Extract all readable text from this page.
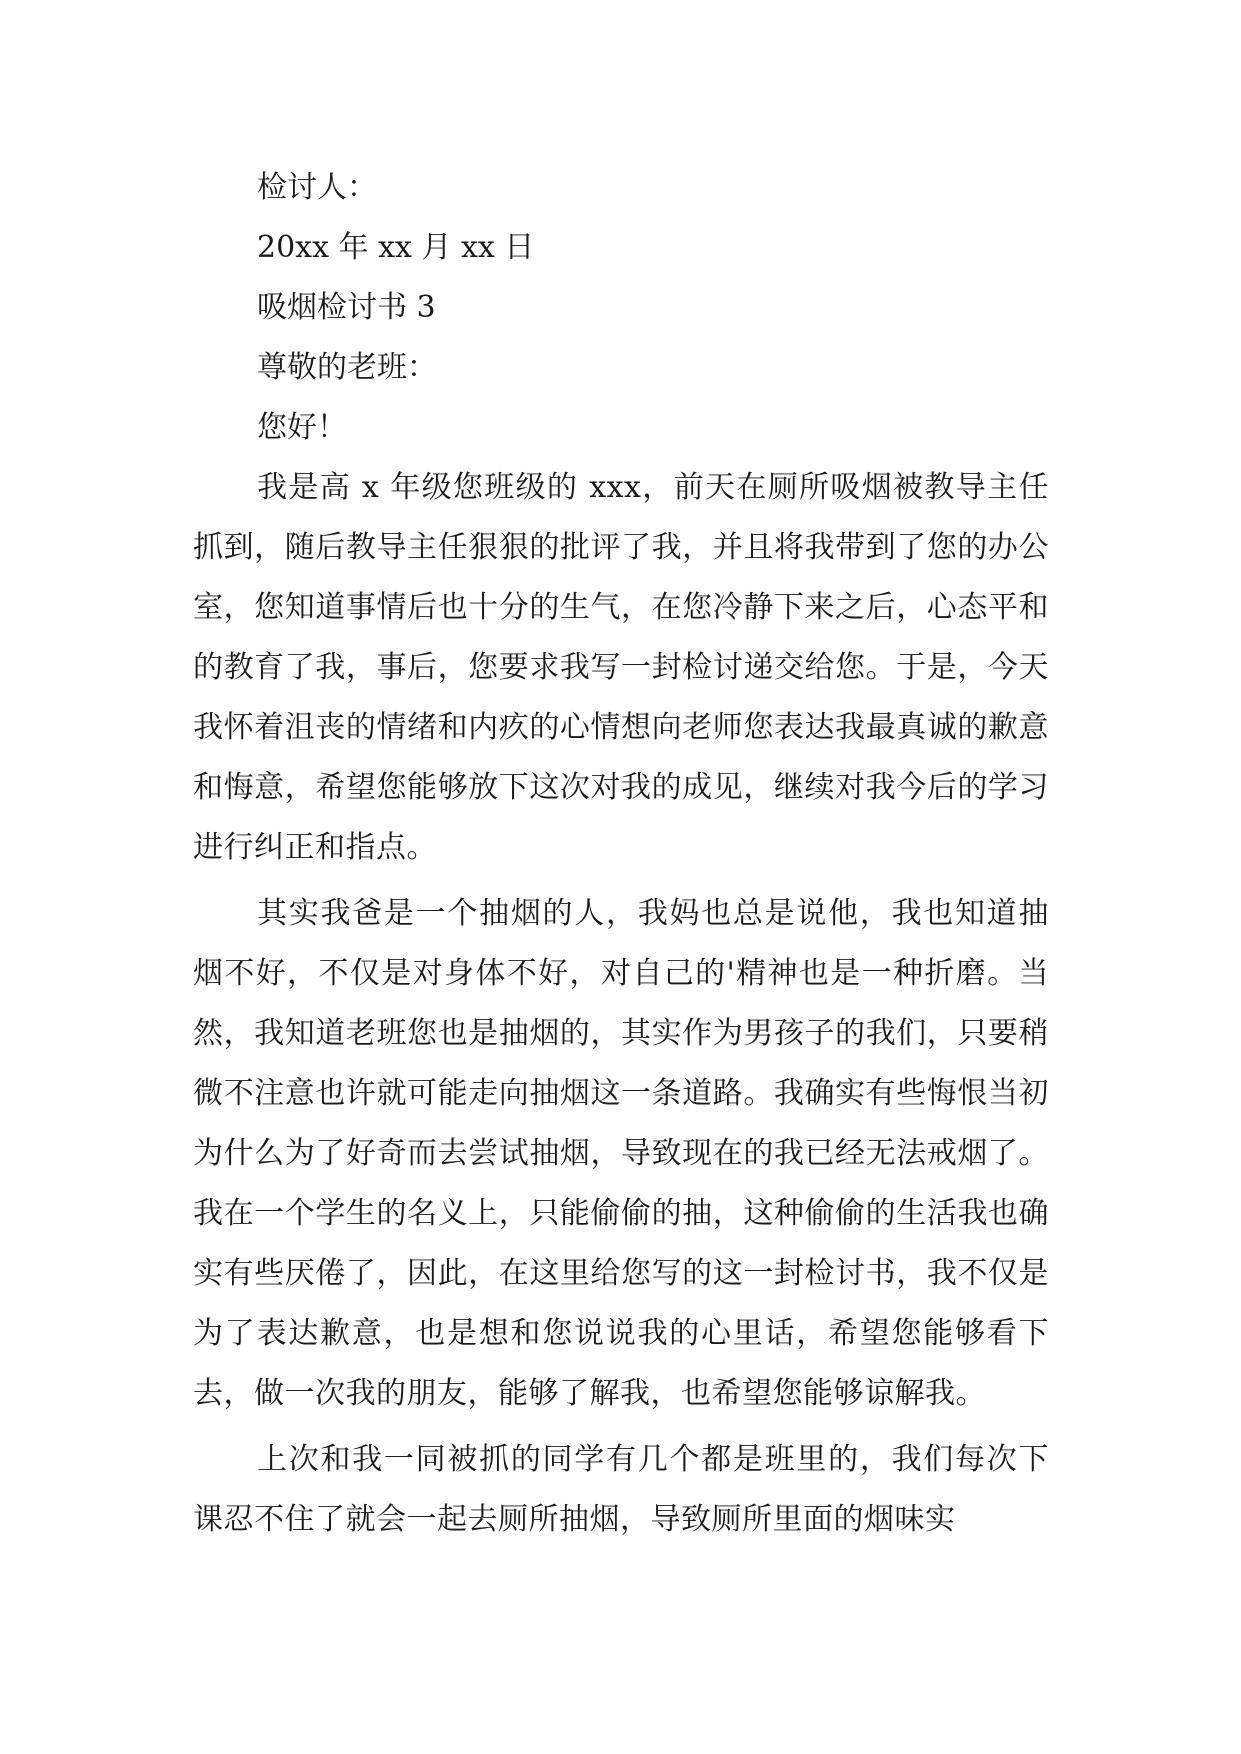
检讨人：
20xx 年 xx 月 xx 日
吸烟检讨书 3
尊敬的老班：
您好！

我是高 x 年级您班级的 xxx，前天在厕所吸烟被教导主任抓到，随后教导主任狠狠的批评了我，并且将我带到了您的办公室，您知道事情后也十分的生气，在您冷静下来之后，心态平和的教育了我，事后，您要求我写一封检讨递交给您。于是，今天我怀着沮丧的情绪和内疚的心情想向老师您表达我最真诚的歉意和悔意，希望您能够放下这次对我的成见，继续对我今后的学习进行纠正和指点。

其实我爸是一个抽烟的人，我妈也总是说他，我也知道抽烟不好，不仅是对身体不好，对自己的'精神也是一种折磨。当然，我知道老班您也是抽烟的，其实作为男孩子的我们，只要稍微不注意也许就可能走向抽烟这一条道路。我确实有些悔恨当初为什么为了好奇而去尝试抽烟，导致现在的我已经无法戒烟了。我在一个学生的名义上，只能偷偷的抽，这种偷偷的生活我也确实有些厌倦了，因此，在这里给您写的这一封检讨书，我不仅是为了表达歉意，也是想和您说说我的心里话，希望您能够看下去，做一次我的朋友，能够了解我，也希望您能够谅解我。

上次和我一同被抓的同学有几个都是班里的，我们每次下课忍不住了就会一起去厕所抽烟，导致厕所里面的烟味实
